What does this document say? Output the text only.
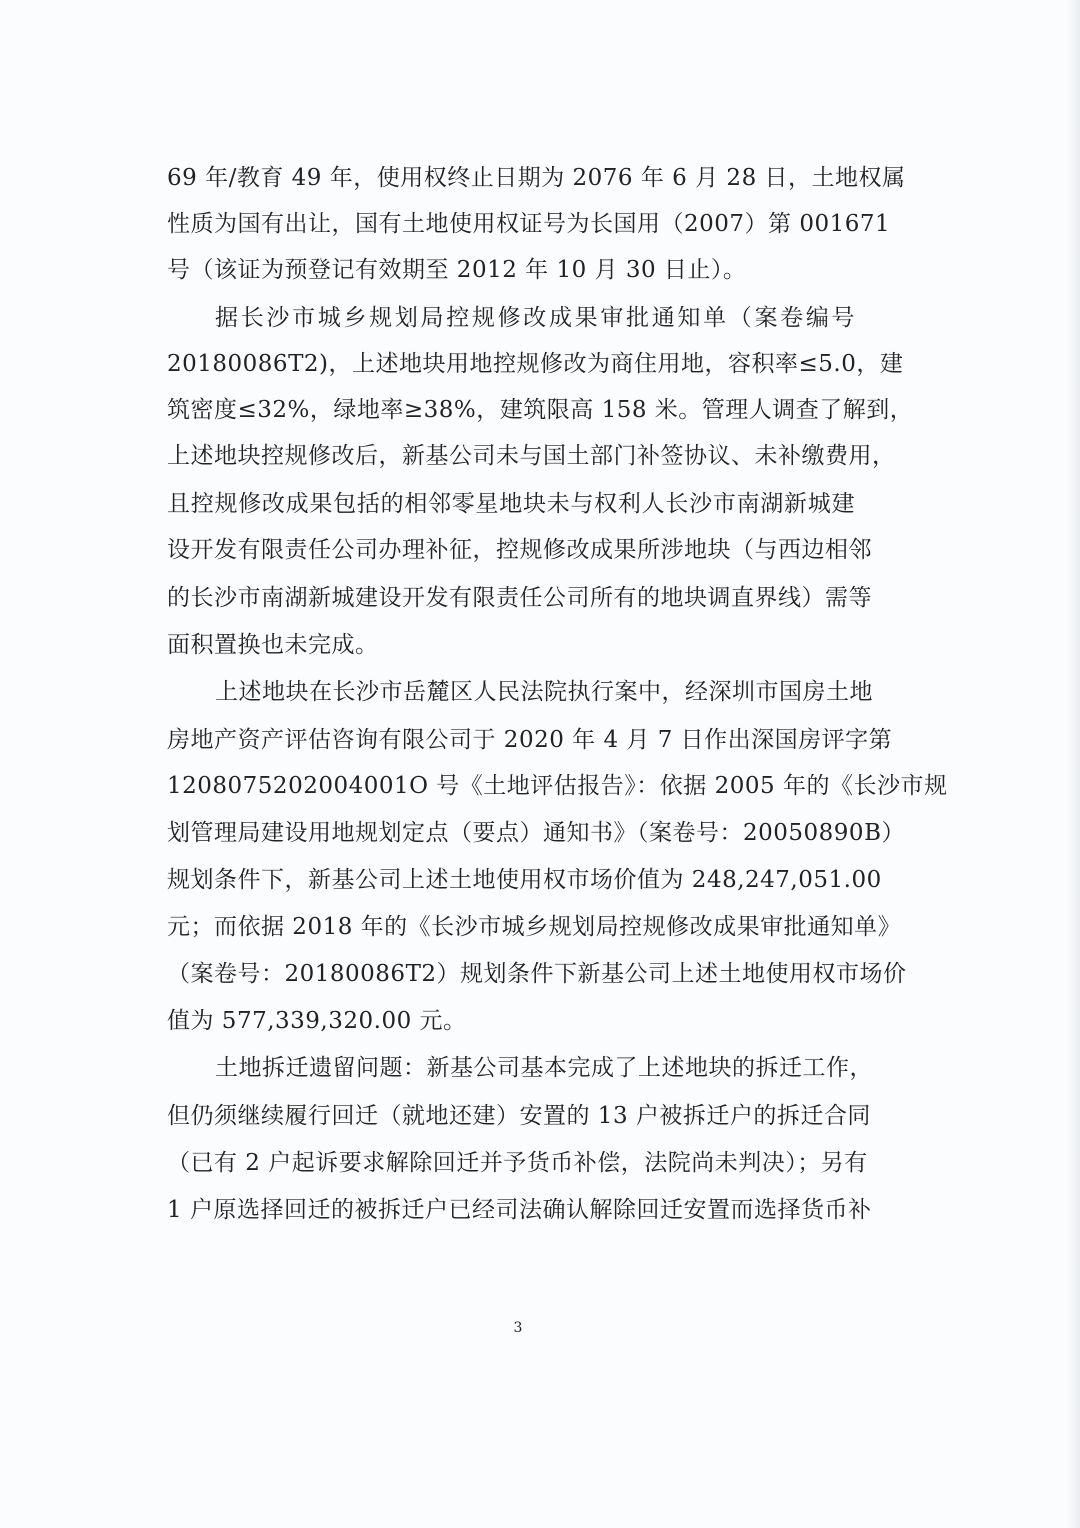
69 年/教育 49 年，使用权终止日期为 2076 年 6 月 28 日，土地权属
性质为国有出让，国有土地使用权证号为长国用（2007）第 001671
号（该证为预登记有效期至 2012 年 10 月 30 日止）。
据长沙市城乡规划局控规修改成果审批通知单（案卷编号
20180086T2)，上述地块用地控规修改为商住用地，容积率≤5.0，建
筑密度≤32%，绿地率≥38%，建筑限高 158 米。管理人调查了解到，
上述地块控规修改后，新基公司未与国土部门补签协议、未补缴费用，
且控规修改成果包括的相邻零星地块未与权利人长沙市南湖新城建
设开发有限责任公司办理补征，控规修改成果所涉地块（与西边相邻
的长沙市南湖新城建设开发有限责任公司所有的地块调直界线）需等
面积置换也未完成。
上述地块在长沙市岳麓区人民法院执行案中，经深圳市国房土地
房地产资产评估咨询有限公司于 2020 年 4 月 7 日作出深国房评字第
1208075202004001O 号《土地评估报告》：依据 2005 年的《长沙市规
划管理局建设用地规划定点（要点）通知书》（案卷号：20050890B）
规划条件下，新基公司上述土地使用权市场价值为 248,247,051.00
元；而依据 2018 年的《长沙市城乡规划局控规修改成果审批通知单》
（案卷号：20180086T2）规划条件下新基公司上述土地使用权市场价
值为 577,339,320.00 元。
土地拆迁遗留问题：新基公司基本完成了上述地块的拆迁工作，
但仍须继续履行回迁（就地还建）安置的 13 户被拆迁户的拆迁合同
（已有 2 户起诉要求解除回迁并予货币补偿，法院尚未判决）；另有
1 户原选择回迁的被拆迁户已经司法确认解除回迁安置而选择货币补
3
